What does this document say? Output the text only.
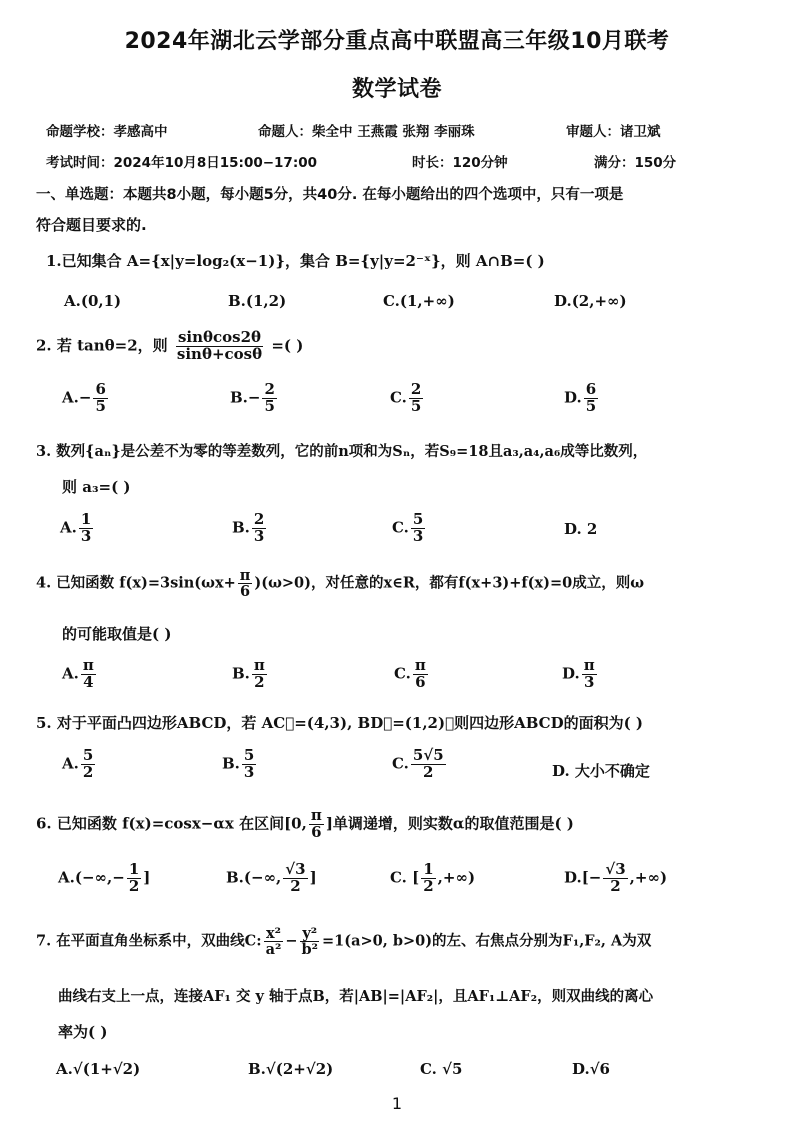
2024年湖北云学部分重点高中联盟高三年级10月联考
数学试卷
命题学校：孝感高中	命题人：柴全中 王燕霞 张翔 李丽珠	审题人：诸卫斌
考试时间：2024年10月8日15:00−17:00	时长：120分钟	满分：150分
一、单选题：本题共8小题，每小题5分，共40分. 在每小题给出的四个选项中，只有一项是
符合题目要求的.
1.已知集合 A={x|y=log₂(x−1)}，集合 B={y|y=2⁻ˣ}，则 A∩B=( )
A.(0,1)	B.(1,2)	C.(1,+∞)	D.(2,+∞)
2. 若 tanθ=2，则 $\frac{\sin\theta\cos 2\theta}{\sin\theta+\cos\theta}$ =( )
$A.- \frac{6}{5}$	$B.- \frac{2}{5}$	C. $\frac{2}{5}$	D. $\frac{6}{5}$
3. 数列{aₙ}是公差不为零的等差数列，它的前n项和为Sₙ，若S₉=18且a₃,a₄,a₆成等比数列，
则 a₃=( )
A. $\frac{1}{3}$	B. $\frac{2}{3}$	C. $\frac{5}{3}$	D. 2
4. 已知函数 $f(x)=3\sin(\omega x+ \frac{\pi}{6} )(\omega>0)$，对任意的x∈R，都有f(x+3)+f(x)=0成立，则ω
的可能取值是( )
A. $\frac{\pi}{4}$	B. $\frac{\pi}{2}$	C. $\frac{\pi}{6}$	D. $\frac{\pi}{3}$
5. 对于平面凸四边形ABCD，若 AC⃗=(4,3), BD⃗=(1,2)，则四边形ABCD的面积为( )
A. $\frac{5}{2}$	B. $\frac{5}{3}$	C. $\frac{5√5}{2}$	D. 大小不确定
6. 已知函数 f(x)=cosx−αx 在区间[0, $\frac{\pi}{6}$ ]单调递增，则实数α的取值范围是( )
$A.(-\infty,- \frac{1}{2}$ ]	B.(−∞, $\frac{√3}{2}$ ]	C. [ $\frac{1}{2}$ ,+∞)	$D.[- \frac{√3}{2}$ ,+∞)
7. 在平面直角坐标系中，双曲线C: $\frac{\text{x²}}{\text{a²}} - \frac{\text{y²}}{\text{b²}} =1(a>0$, b>0)的左、右焦点分别为F₁,F₂, A为双
曲线右支上一点，连接AF₁ 交 y 轴于点B，若|AB|=|AF₂|，且AF₁⊥AF₂，则双曲线的离心
率为( )
A.√(1+√2)	B.√(2+√2)	C. √5	D.√6
1
